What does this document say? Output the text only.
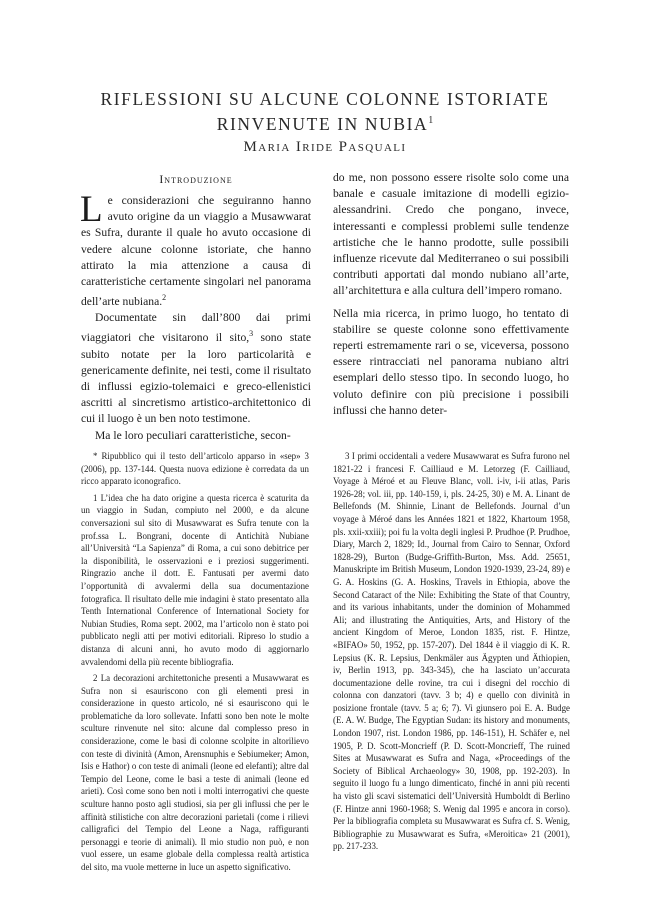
RIFLESSIONI SU ALCUNE COLONNE ISTORIATE
RINVENUTE IN NUBIA$^1$
Maria Iride Pasquali
Introduzione

Le considerazioni che seguiranno hanno avuto origine da un viaggio a Musawwarat es Sufra, durante il quale ho avuto occasione di vedere alcune colonne istoriate, che hanno attirato la mia attenzione a causa di caratteristiche certamente singolari nel panorama dell’arte nubiana.$^2$

Documentate sin dall’800 dai primi viaggiatori che visitarono il sito,$^3$ sono state subito notate per la loro particolarità e genericamente definite, nei testi, come il risultato di influssi egizio-tolemaici e greco-ellenistici ascritti al sincretismo artistico-architettonico di cui il luogo è un ben noto testimone.

Ma le loro peculiari caratteristiche, secon-

do me, non possono essere risolte solo come una banale e casuale imitazione di modelli egizio-alessandrini. Credo che pongano, invece, interessanti e complessi problemi sulle tendenze artistiche che le hanno prodotte, sulle possibili influenze ricevute dal Mediterraneo o sui possibili contributi apportati dal mondo nubiano all’arte, all’architettura e alla cultura dell’impero romano.

Nella mia ricerca, in primo luogo, ho tentato di stabilire se queste colonne sono effettivamente reperti estremamente rari o se, viceversa, possono essere rintracciati nel panorama nubiano altri esemplari dello stesso tipo. In secondo luogo, ho voluto definire con più precisione i possibili influssi che hanno deter-

* Ripubblico qui il testo dell’articolo apparso in «sep» 3 (2006), pp. 137-144. Questa nuova edizione è corredata da un ricco apparato iconografico.

1 L’idea che ha dato origine a questa ricerca è scaturita da un viaggio in Sudan, compiuto nel 2000, e da alcune conversazioni sul sito di Musawwarat es Sufra tenute con la prof.ssa L. Bongrani, docente di Antichità Nubiane all’Università “La Sapienza” di Roma, a cui sono debitrice per la disponibilità, le osservazioni e i preziosi suggerimenti. Ringrazio anche il dott. E. Fantusati per avermi dato l’opportunità di avvalermi della sua documentazione fotografica. Il risultato delle mie indagini è stato presentato alla Tenth International Conference of International Society for Nubian Studies, Roma sept. 2002, ma l’articolo non è stato poi pubblicato negli atti per motivi editoriali. Ripreso lo studio a distanza di alcuni anni, ho avuto modo di aggiornarlo avvalendomi della più recente bibliografia.

2 La decorazioni architettoniche presenti a Musawwarat es Sufra non si esauriscono con gli elementi presi in considerazione in questo articolo, né si esauriscono qui le problematiche da loro sollevate. Infatti sono ben note le molte sculture rinvenute nel sito: alcune dal complesso preso in considerazione, come le basi di colonne scolpite in altorilievo con teste di divinità (Amon, Arensnuphis e Sebiumeker; Amon, Isis e Hathor) o con teste di animali (leone ed elefanti); altre dal Tempio del Leone, come le basi a teste di animali (leone ed arieti). Così come sono ben noti i molti interrogativi che queste sculture hanno posto agli studiosi, sia per gli influssi che per le affinità stilistiche con altre decorazioni parietali (come i rilievi calligrafici del Tempio del Leone a Naga, raffiguranti personaggi e teorie di animali). Il mio studio non può, e non vuol essere, un esame globale della complessa realtà artistica del sito, ma vuole metterne in luce un aspetto significativo.

3 I primi occidentali a vedere Musawwarat es Sufra furono nel 1821-22 i francesi F. Cailliaud e M. Letorzeg (F. Cailliaud, Voyage à Méroé et au Fleuve Blanc, voll. i-iv, i-ii atlas, Paris 1926-28; vol. iii, pp. 140-159, i, pls. 24-25, 30) e M. A. Linant de Bellefonds (M. Shinnie, Linant de Bellefonds. Journal d’un voyage à Méroé dans les Années 1821 et 1822, Khartoum 1958, pls. xxii-xxiii); poi fu la volta degli inglesi P. Prudhoe (P. Prudhoe, Diary, March 2, 1829; Id., Journal from Cairo to Sennar, Oxford 1828-29), Burton (Budge-Griffith-Burton, Mss. Add. 25651, Manuskripte im British Museum, London 1920-1939, 23-24, 89) e G. A. Hoskins (G. A. Hoskins, Travels in Ethiopia, above the Second Cataract of the Nile: Exhibiting the State of that Country, and its various inhabitants, under the dominion of Mohammed Ali; and illustrating the Antiquities, Arts, and History of the ancient Kingdom of Meroe, London 1835, rist. F. Hintze, «BIFAO» 50, 1952, pp. 157-207). Del 1844 è il viaggio di K. R. Lepsius (K. R. Lepsius, Denkmäler aus Ägypten und Äthiopien, iv, Berlin 1913, pp. 343-345), che ha lasciato un’accurata documentazione delle rovine, tra cui i disegni del rocchio di colonna con danzatori (tavv. 3 b; 4) e quello con divinità in posizione frontale (tavv. 5 a; 6; 7). Vi giunsero poi E. A. Budge (E. A. W. Budge, The Egyptian Sudan: its history and monuments, London 1907, rist. London 1986, pp. 146-151), H. Schäfer e, nel 1905, P. D. Scott-Moncrieff (P. D. Scott-Moncrieff, The ruined Sites at Musawwarat es Sufra and Naga, «Proceedings of the Society of Biblical Archaeology» 30, 1908, pp. 192-203). In seguito il luogo fu a lungo dimenticato, finché in anni più recenti ha visto gli scavi sistematici dell’Università Humboldt di Berlino (F. Hintze anni 1960-1968; S. Wenig dal 1995 e ancora in corso). Per la bibliografia completa su Musawwarat es Sufra cf. S. Wenig, Bibliographie zu Musawwarat es Sufra, «Meroitica» 21 (2001), pp. 217-233.
